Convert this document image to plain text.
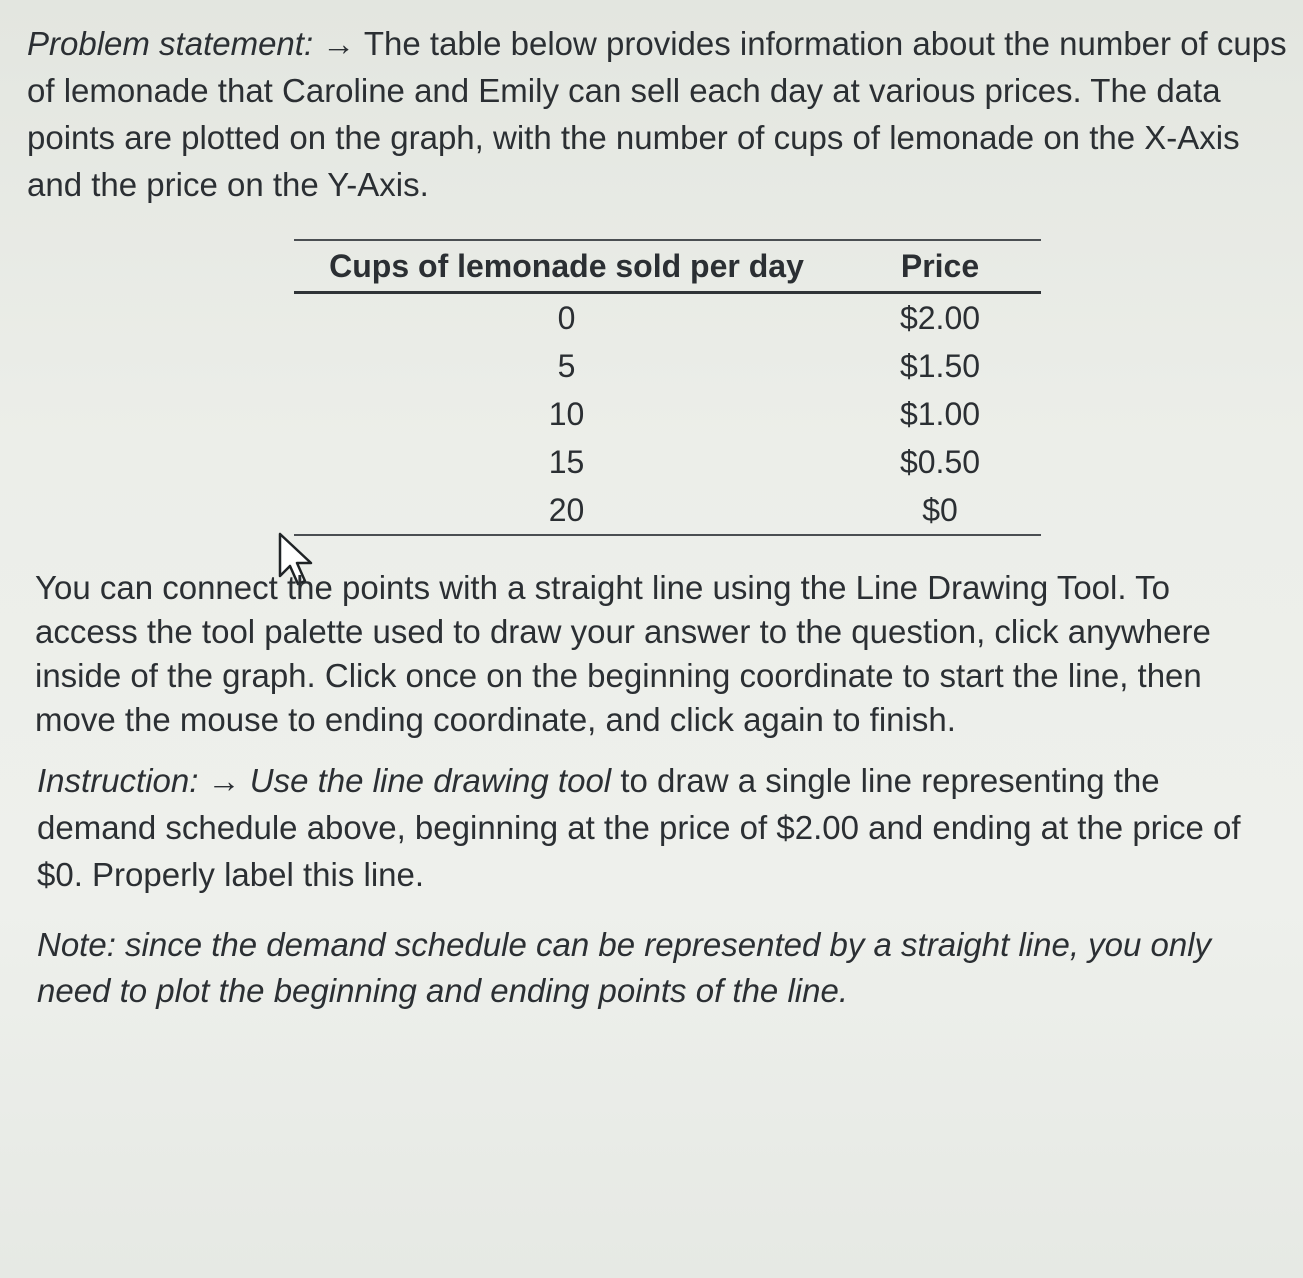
Problem statement: → The table below provides information about the number of cups of lemonade that Caroline and Emily can sell each day at various prices. The data points are plotted on the graph, with the number of cups of lemonade on the X-Axis and the price on the Y-Axis.

Cups of lemonade sold per day	Price
0	$2.00
5	$1.50
10	$1.00
15	$0.50
20	$0

You can connect the points with a straight line using the Line Drawing Tool. To access the tool palette used to draw your answer to the question, click anywhere inside of the graph. Click once on the beginning coordinate to start the line, then move the mouse to ending coordinate, and click again to finish.

Instruction: → Use the line drawing tool to draw a single line representing the demand schedule above, beginning at the price of $2.00 and ending at the price of $0. Properly label this line.

Note: since the demand schedule can be represented by a straight line, you only need to plot the beginning and ending points of the line.
